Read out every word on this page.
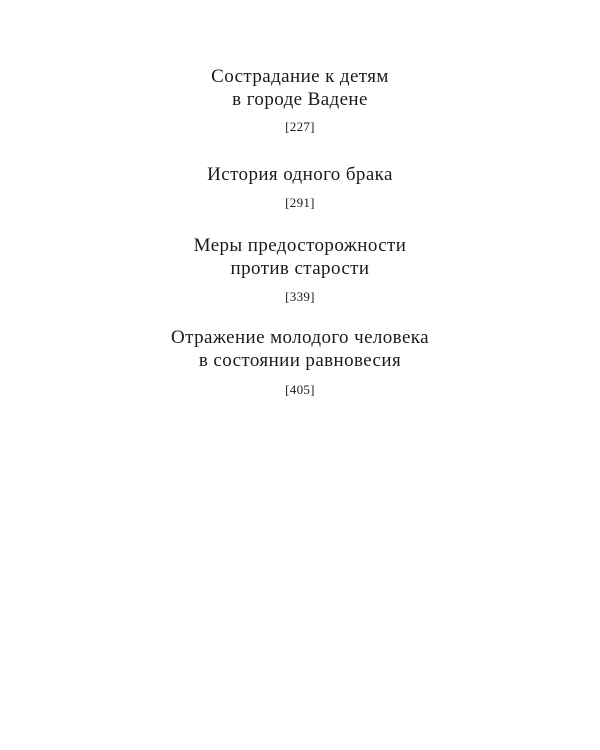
Сострадание к детям

в городе Вадене

[227]

История одного брака

[291]

Меры предосторожности

против старости

[339]

Отражение молодого человека

в состоянии равновесия

[405]
